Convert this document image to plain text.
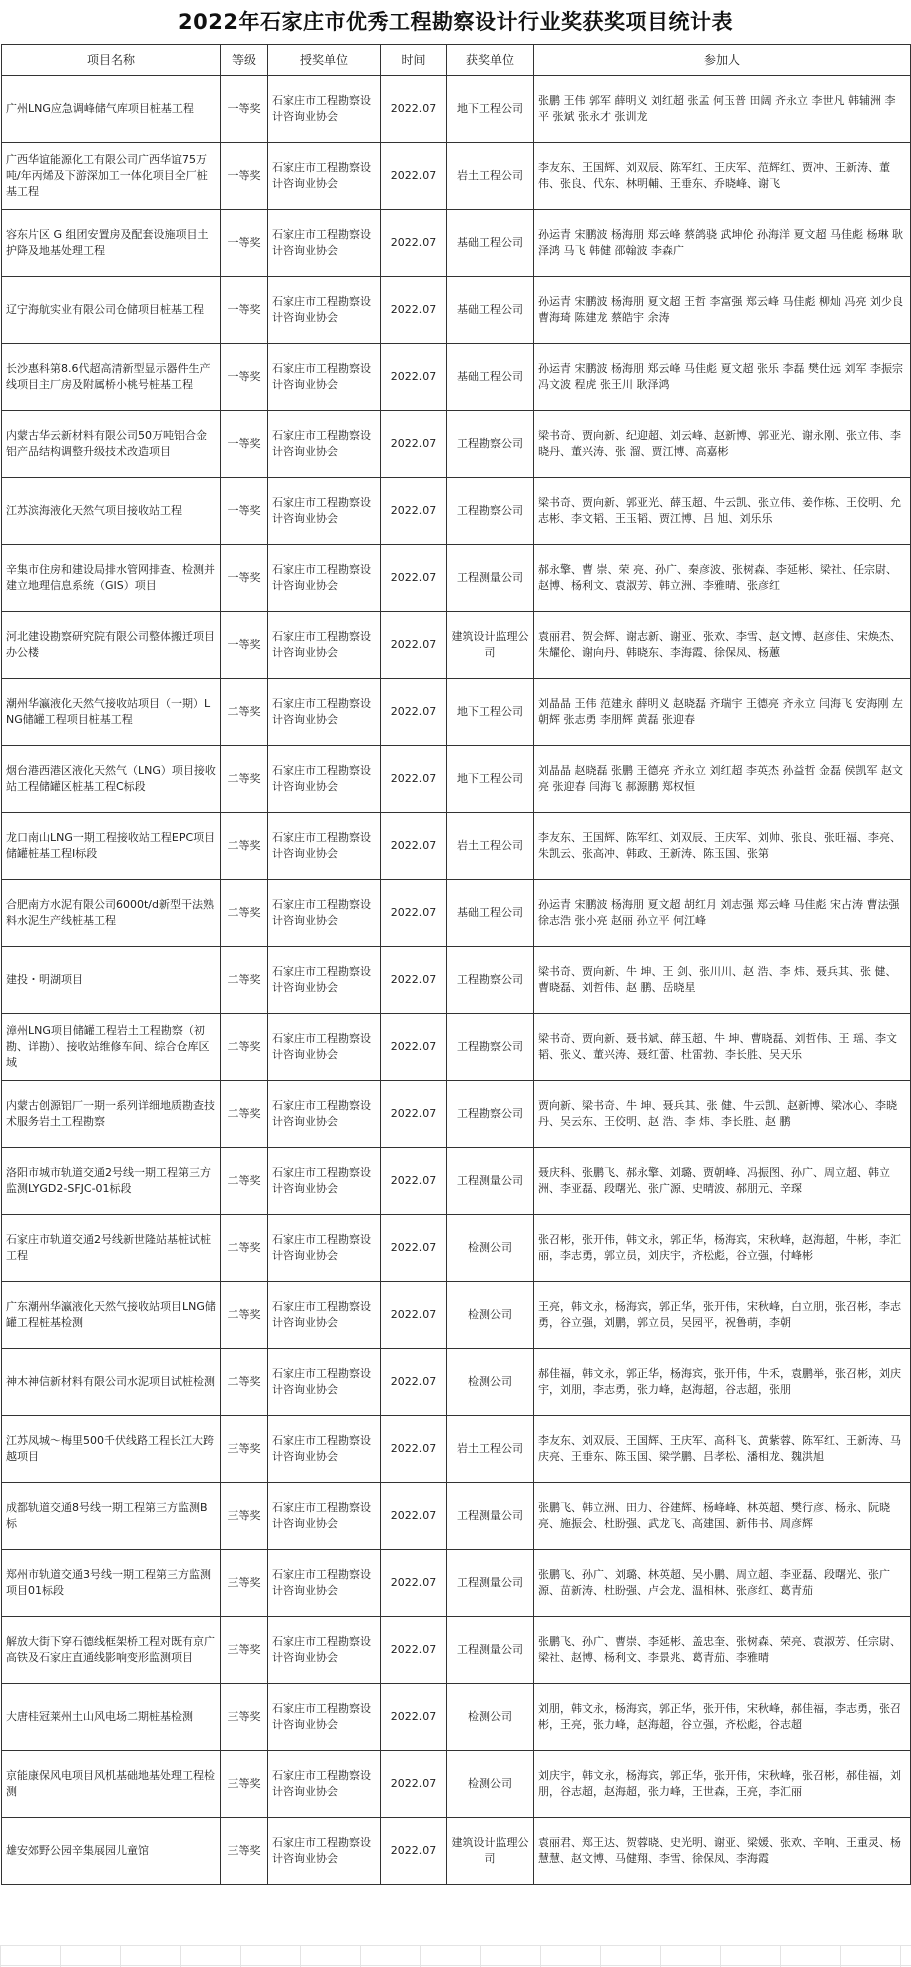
2022年石家庄市优秀工程勘察设计行业奖获奖项目统计表
项目名称	等级	授奖单位	时间	获奖单位	参加人
广州LNG应急调峰储气库项目桩基工程	一等奖	石家庄市工程勘察设计咨询业协会	2022.07	地下工程公司	张鹏 王伟 郭军 薛明义 刘红超 张孟 何玉普 田阔 齐永立 李世凡 韩辅洲 李平 张斌 张永才 张训龙
广西华谊能源化工有限公司广西华谊75万吨/年丙烯及下游深加工一体化项目全厂桩基工程	一等奖	石家庄市工程勘察设计咨询业协会	2022.07	岩土工程公司	李友东、王国辉、刘双辰、陈军红、王庆军、范辉红、贾冲、王新涛、董伟、张良、代东、林明輔、王垂东、乔晓峰、谢飞
容东片区 G 组团安置房及配套设施项目土护降及地基处理工程	一等奖	石家庄市工程勘察设计咨询业协会	2022.07	基础工程公司	孙运青 宋鹏波 杨海朋 郑云峰 蔡鸽骁 武坤伦 孙海洋 夏文超 马佳彪 杨琳 耿泽鸿 马飞 韩健 邵翰波 李森广
辽宁海航实业有限公司仓储项目桩基工程	一等奖	石家庄市工程勘察设计咨询业协会	2022.07	基础工程公司	孙运青 宋鹏波 杨海朋 夏文超 王哲 李富强 郑云峰 马佳彪 柳灿 冯亮 刘少良 曹海琦 陈建龙 蔡皓宇 余涛
长沙惠科第8.6代超高清新型显示器件生产线项目主厂房及附属桥小桃号桩基工程	一等奖	石家庄市工程勘察设计咨询业协会	2022.07	基础工程公司	孙运青 宋鹏波 杨海朋 郑云峰 马佳彪 夏文超 张乐 李磊 樊仕远 刘军 李振宗 冯文波 程虎 张王川 耿泽鸿
内蒙古华云新材料有限公司50万吨铝合金铝产品结构调整升级技术改造项目	一等奖	石家庄市工程勘察设计咨询业协会	2022.07	工程勘察公司	梁书奇、贾向新、纪迎超、刘云峰、赵新博、郭亚光、谢永刚、张立伟、李晓丹、董兴涛、张 溜、贾江博、高嘉彬
江苏滨海液化天然气项目接收站工程	一等奖	石家庄市工程勘察设计咨询业协会	2022.07	工程勘察公司	梁书奇、贾向新、郭亚光、薛玉超、牛云凯、张立伟、姜作栋、王佼明、允志彬、李文韬、王玉韬、贾江博、吕 旭、刘乐乐
辛集市住房和建设局排水管网排查、检测并建立地理信息系统（GIS）项目	一等奖	石家庄市工程勘察设计咨询业协会	2022.07	工程测量公司	郝永擎、曹 崇、荣 亮、孙广、秦彦波、张树森、李延彬、梁社、任宗尉、赵博、杨利文、袁淑芳、韩立洲、李雅晴、张彦红
河北建设勘察研究院有限公司整体搬迁项目办公楼	一等奖	石家庄市工程勘察设计咨询业协会	2022.07	建筑设计监理公司	袁丽君、贺会辉、谢志新、谢亚、张欢、李雪、赵文博、赵彦佳、宋焕杰、朱耀伦、谢向丹、韩晓东、李海霞、徐保凤、杨蕙
潮州华瀛液化天然气接收站项目（一期）LNG储罐工程项目桩基工程	二等奖	石家庄市工程勘察设计咨询业协会	2022.07	地下工程公司	刘晶晶 王伟 范建永 薛明义 赵晓磊 齐瑞宇 王德亮 齐永立 闫海飞 安海刚 左朝辉 张志勇 李朋辉 黄磊 张迎春
烟台港西港区液化天然气（LNG）项目接收站工程储罐区桩基工程C标段	二等奖	石家庄市工程勘察设计咨询业协会	2022.07	地下工程公司	刘晶晶 赵晓磊 张鹏 王德亮 齐永立 刘红超 李英杰 孙益哲 金磊 侯凯军 赵文亮 张迎春 闫海飞 郝源鹏 郑权恒
龙口南山LNG一期工程接收站工程EPC项目储罐桩基工程Ⅰ标段	二等奖	石家庄市工程勘察设计咨询业协会	2022.07	岩土工程公司	李友东、王国辉、陈军红、刘双辰、王庆军、刘帅、张良、张旺福、李亮、朱凯云、张高冲、韩政、王新涛、陈玉国、张第
合肥南方水泥有限公司6000t/d新型干法熟料水泥生产线桩基工程	二等奖	石家庄市工程勘察设计咨询业协会	2022.07	基础工程公司	孙运青 宋鹏波 杨海朋 夏文超 胡红月 刘志强 郑云峰 马佳彪 宋占涛 曹法强 徐志浩 张小亮 赵丽 孙立平 何江峰
建投・明湖项目	二等奖	石家庄市工程勘察设计咨询业协会	2022.07	工程勘察公司	梁书奇、贾向新、牛 坤、王 剑、张川川、赵 浩、李 炜、聂兵其、张 健、曹晓磊、刘哲伟、赵 鹏、岳晓星
漳州LNG项目储罐工程岩土工程勘察（初勘、详勘）、接收站维修车间、综合仓库区域	二等奖	石家庄市工程勘察设计咨询业协会	2022.07	工程勘察公司	梁书奇、贾向新、聂书斌、薛玉超、牛 坤、曹晓磊、刘哲伟、王 瑶、李文韬、张义、董兴涛、聂红蕾、杜雷勃、李长胜、吴天乐
内蒙古创源铝厂一期一系列详细地质勘查技术服务岩土工程勘察	二等奖	石家庄市工程勘察设计咨询业协会	2022.07	工程勘察公司	贾向新、梁书奇、牛 坤、聂兵其、张 健、牛云凯、赵新博、梁冰心、李晓丹、吴云东、王佼明、赵 浩、李 炜、李长胜、赵 鹏
洛阳市城市轨道交通2号线一期工程第三方监测LYGD2-SFJC-01标段	二等奖	石家庄市工程勘察设计咨询业协会	2022.07	工程测量公司	聂庆科、张鹏飞、郝永擎、刘璐、贾朝峰、冯振图、孙广、周立超、韩立洲、李亚磊、段曙光、张广源、史晴波、郝朋元、辛琛
石家庄市轨道交通2号线新世隆站基桩试桩工程	二等奖	石家庄市工程勘察设计咨询业协会	2022.07	检测公司	张召彬，张开伟，韩文永，郭正华，杨海宾，宋秋峰，赵海超，牛彬，李汇丽，李志勇，郭立员，刘庆宇，齐松彪，谷立强，付峰彬
广东潮州华瀛液化天然气接收站项目LNG储罐工程桩基检测	二等奖	石家庄市工程勘察设计咨询业协会	2022.07	检测公司	王亮，韩文永，杨海宾，郭正华，张开伟，宋秋峰，白立朋，张召彬，李志勇，谷立强，刘鹏，郭立员，吴园平，祝鲁萌，李朝
神木神信新材料有限公司水泥项目试桩检测	二等奖	石家庄市工程勘察设计咨询业协会	2022.07	检测公司	郝佳福，韩文永，郭正华，杨海宾，张开伟，牛禾，袁鹏举，张召彬，刘庆宇，刘朋，李志勇，张力峰，赵海超，谷志超，张朋
江苏凤城～梅里500千伏线路工程长江大跨越项目	三等奖	石家庄市工程勘察设计咨询业协会	2022.07	岩土工程公司	李友东、刘双辰、王国辉、王庆军、高科飞、黄紫蓉、陈军红、王新涛、马庆亮、王垂东、陈玉国、梁学鹏、吕孝松、潘相龙、魏洪旭
成都轨道交通8号线一期工程第三方监测B标	三等奖	石家庄市工程勘察设计咨询业协会	2022.07	工程测量公司	张鹏飞、韩立洲、田力、谷建辉、杨峰峰、林英超、樊行彦、杨永、阮晓亮、施振会、杜盼强、武龙飞、高建国、新伟书、周彦辉
郑州市轨道交通3号线一期工程第三方监测项目01标段	三等奖	石家庄市工程勘察设计咨询业协会	2022.07	工程测量公司	张鹏飞、孙广、刘璐、林英超、吴小鹏、周立超、李亚磊、段曙光、张广源、苗新涛、杜盼强、卢会龙、温相林、张彦红、葛青茄
解放大街下穿石德线框架桥工程对既有京广高铁及石家庄直通线影响变形监测项目	三等奖	石家庄市工程勘察设计咨询业协会	2022.07	工程测量公司	张鹏飞、孙广、曹崇、李延彬、盖忠奎、张树森、荣亮、袁淑芳、任宗尉、梁社、赵博、杨利文、李景兆、葛青茄、李雅晴
大唐桂冠莱州土山风电场二期桩基检测	三等奖	石家庄市工程勘察设计咨询业协会	2022.07	检测公司	刘朋，韩文永，杨海宾，郭正华，张开伟，宋秋峰，郝佳福，李志勇，张召彬，王亮，张力峰，赵海超，谷立强，齐松彪，谷志超
京能康保风电项目风机基础地基处理工程检测	三等奖	石家庄市工程勘察设计咨询业协会	2022.07	检测公司	刘庆宇，韩文永，杨海宾，郭正华，张开伟，宋秋峰，张召彬，郝佳福，刘朋，谷志超，赵海超，张力峰，王世森，王亮，李汇丽
雄安郊野公园辛集展园儿童馆	三等奖	石家庄市工程勘察设计咨询业协会	2022.07	建筑设计监理公司	袁丽君、郑王达、贺蓉晓、史光明、谢亚、梁媛、张欢、辛响、王重灵、杨慧慧、赵文博、马健翔、李雪、徐保凤、李海霞
